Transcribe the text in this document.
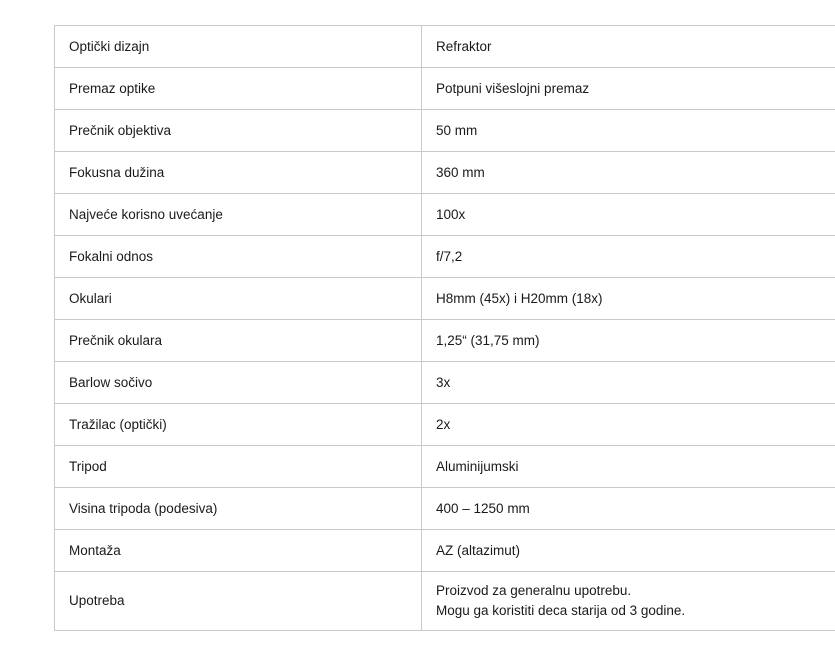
Optički dizajn	Refraktor

Premaz optike	Potpuni višeslojni premaz

Prečnik objektiva	50 mm

Fokusna dužina	360 mm

Najveće korisno uvećanje	100x

Fokalni odnos	f/7,2

Okulari	H8mm (45x) i H20mm (18x)

Prečnik okulara	1,25“ (31,75 mm)

Barlow sočivo	3x

Tražilac (optički)	2x

Tripod	Aluminijumski

Visina tripoda (podesiva)	400 – 1250 mm

Montaža	AZ (altazimut)

Upotreba	Proizvod za generalnu upotrebu.
Mogu ga koristiti deca starija od 3 godine.
